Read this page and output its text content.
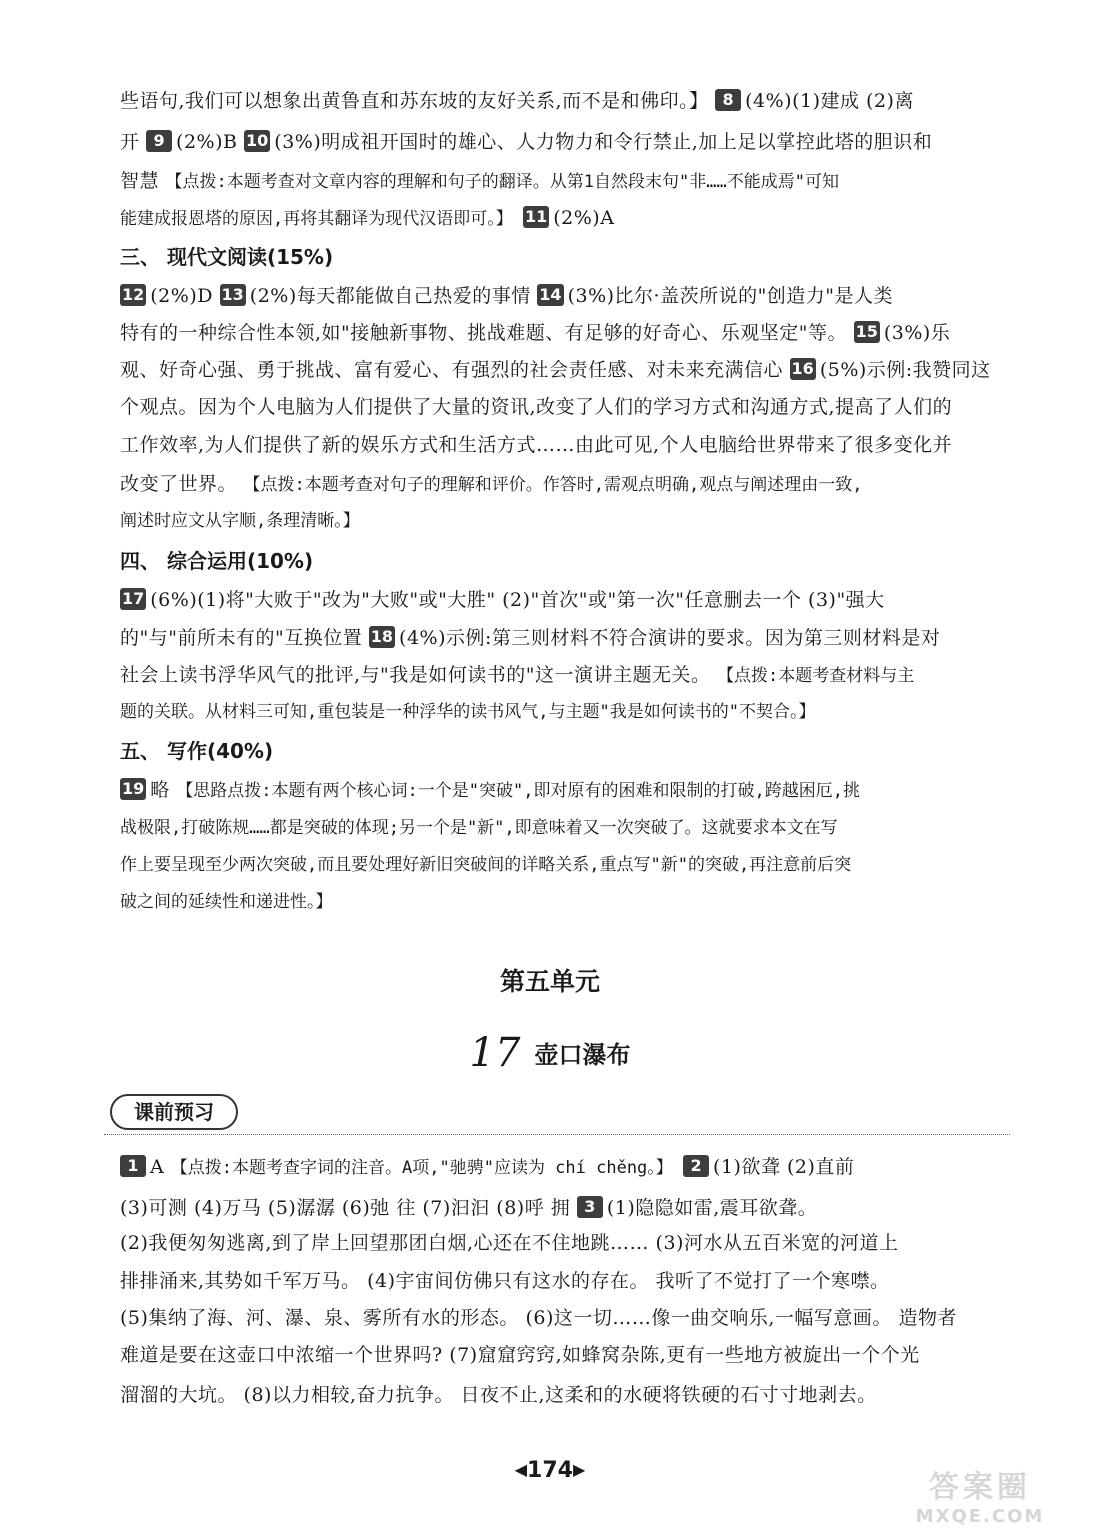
些语句,我们可以想象出黄鲁直和苏东坡的友好关系,而不是和佛印。】 8 (4%)(1)建成 (2)离
开 9 (2%)B 10 (3%)明成祖开国时的雄心、人力物力和令行禁止,加上足以掌控此塔的胆识和
智慧 【点拨:本题考查对文章内容的理解和句子的翻译。从第1自然段末句"非……不能成焉"可知
能建成报恩塔的原因,再将其翻译为现代汉语即可。】 11 (2%)A
三、 现代文阅读(15%)
12 (2%)D 13 (2%)每天都能做自己热爱的事情 14 (3%)比尔·盖茨所说的"创造力"是人类
特有的一种综合性本领,如"接触新事物、挑战难题、有足够的好奇心、乐观坚定"等。 15 (3%)乐
观、好奇心强、勇于挑战、富有爱心、有强烈的社会责任感、对未来充满信心 16 (5%)示例:我赞同这
个观点。因为个人电脑为人们提供了大量的资讯,改变了人们的学习方式和沟通方式,提高了人们的
工作效率,为人们提供了新的娱乐方式和生活方式……由此可见,个人电脑给世界带来了很多变化并
改变了世界。 【点拨:本题考查对句子的理解和评价。作答时,需观点明确,观点与阐述理由一致,
阐述时应文从字顺,条理清晰。】
四、 综合运用(10%)
17 (6%)(1)将"大败于"改为"大败"或"大胜" (2)"首次"或"第一次"任意删去一个 (3)"强大
的"与"前所未有的"互换位置 18 (4%)示例:第三则材料不符合演讲的要求。因为第三则材料是对
社会上读书浮华风气的批评,与"我是如何读书的"这一演讲主题无关。 【点拨:本题考查材料与主
题的关联。从材料三可知,重包装是一种浮华的读书风气,与主题"我是如何读书的"不契合。】
五、 写作(40%)
19 略 【思路点拨:本题有两个核心词:一个是"突破",即对原有的困难和限制的打破,跨越困厄,挑
战极限,打破陈规……都是突破的体现;另一个是"新",即意味着又一次突破了。这就要求本文在写
作上要呈现至少两次突破,而且要处理好新旧突破间的详略关系,重点写"新"的突破,再注意前后突
破之间的延续性和递进性。】
第五单元
17 壶口瀑布
课前预习
1 A 【点拨:本题考查字词的注音。A项,"驰骋"应读为 chí chěng。】 2 (1)欲聋 (2)直前
(3)可测 (4)万马 (5)潺潺 (6)弛 往 (7)汩汩 (8)呼 拥 3 (1)隐隐如雷,震耳欲聋。
(2)我便匆匆逃离,到了岸上回望那团白烟,心还在不住地跳…… (3)河水从五百米宽的河道上
排排涌来,其势如千军万马。 (4)宇宙间仿佛只有这水的存在。 我听了不觉打了一个寒噤。
(5)集纳了海、河、瀑、泉、雾所有水的形态。 (6)这一切……像一曲交响乐,一幅写意画。 造物者
难道是要在这壶口中浓缩一个世界吗? (7)窟窟窍窍,如蜂窝杂陈,更有一些地方被旋出一个个光
溜溜的大坑。 (8)以力相较,奋力抗争。 日夜不止,这柔和的水硬将铁硬的石寸寸地剥去。
◀174▶
答案圈
MXQE.COM
